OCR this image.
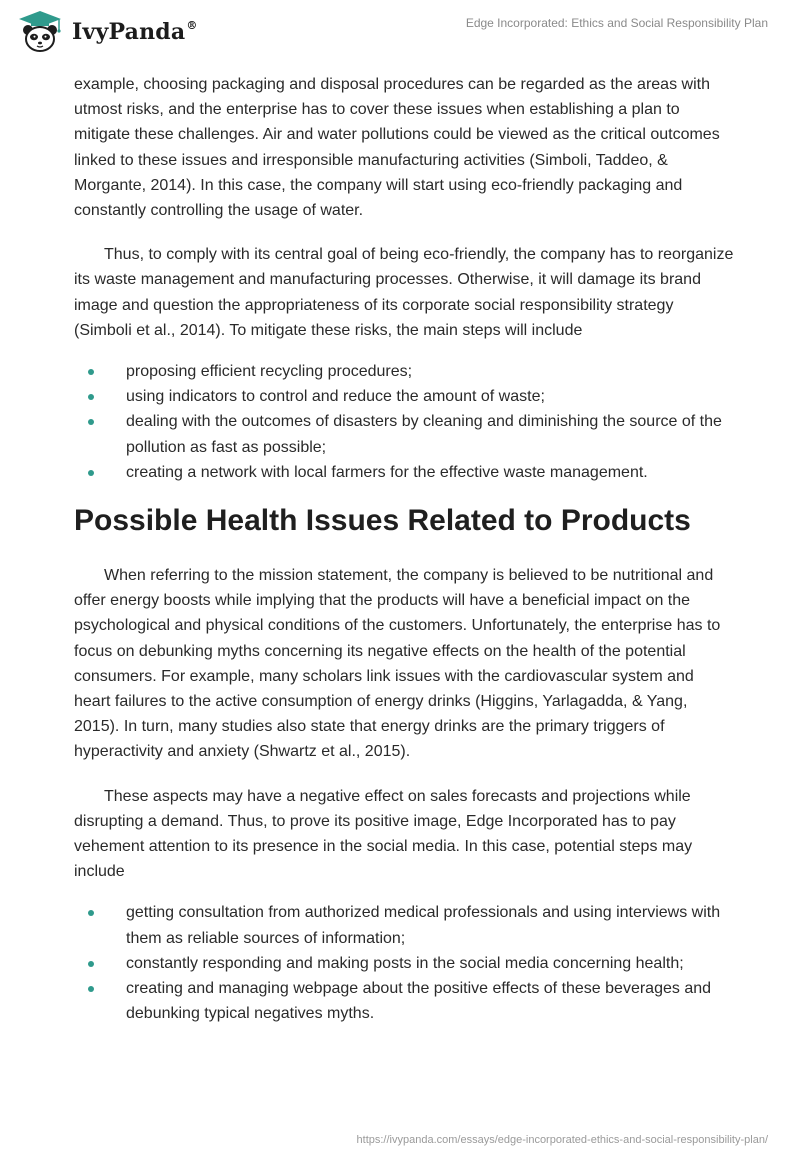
IvyPanda®	Edge Incorporated: Ethics and Social Responsibility Plan

example, choosing packaging and disposal procedures can be regarded as the areas with utmost risks, and the enterprise has to cover these issues when establishing a plan to mitigate these challenges. Air and water pollutions could be viewed as the critical outcomes linked to these issues and irresponsible manufacturing activities (Simboli, Taddeo, & Morgante, 2014). In this case, the company will start using eco-friendly packaging and constantly controlling the usage of water.

Thus, to comply with its central goal of being eco-friendly, the company has to reorganize its waste management and manufacturing processes. Otherwise, it will damage its brand image and question the appropriateness of its corporate social responsibility strategy (Simboli et al., 2014). To mitigate these risks, the main steps will include

proposing efficient recycling procedures;
using indicators to control and reduce the amount of waste;
dealing with the outcomes of disasters by cleaning and diminishing the source of the pollution as fast as possible;
creating a network with local farmers for the effective waste management.
Possible Health Issues Related to Products

When referring to the mission statement, the company is believed to be nutritional and offer energy boosts while implying that the products will have a beneficial impact on the psychological and physical conditions of the customers. Unfortunately, the enterprise has to focus on debunking myths concerning its negative effects on the health of the potential consumers. For example, many scholars link issues with the cardiovascular system and heart failures to the active consumption of energy drinks (Higgins, Yarlagadda, & Yang, 2015). In turn, many studies also state that energy drinks are the primary triggers of hyperactivity and anxiety (Shwartz et al., 2015).

These aspects may have a negative effect on sales forecasts and projections while disrupting a demand. Thus, to prove its positive image, Edge Incorporated has to pay vehement attention to its presence in the social media. In this case, potential steps may include

getting consultation from authorized medical professionals and using interviews with them as reliable sources of information;
constantly responding and making posts in the social media concerning health;
creating and managing webpage about the positive effects of these beverages and debunking typical negatives myths.
https://ivypanda.com/essays/edge-incorporated-ethics-and-social-responsibility-plan/
